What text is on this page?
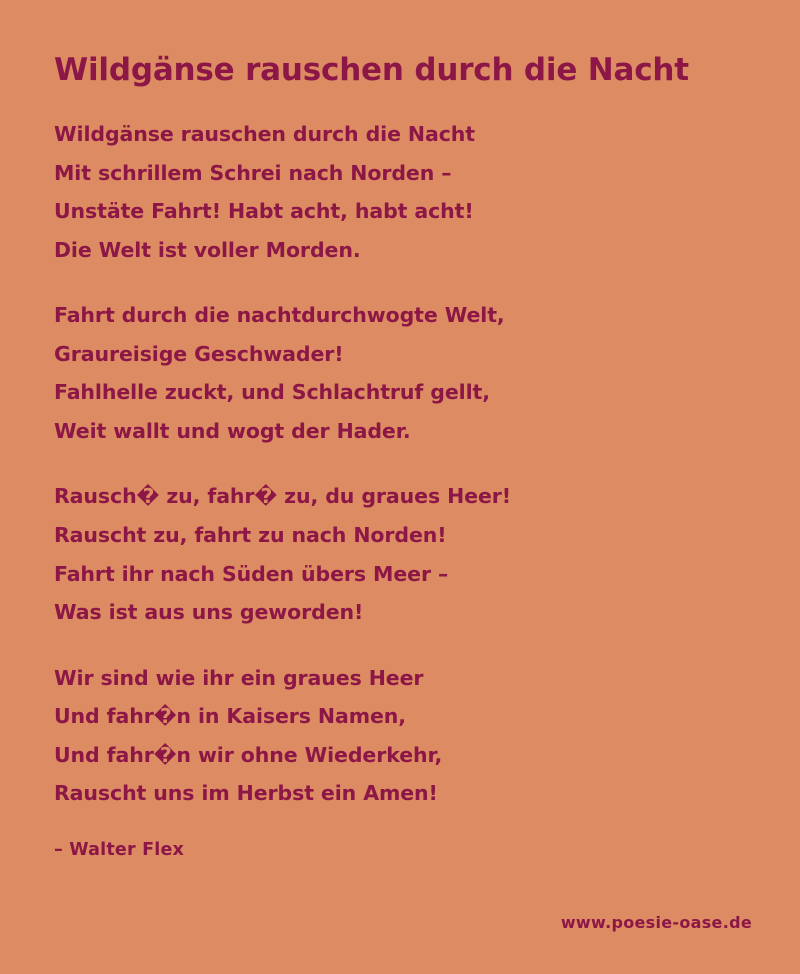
Wildgänse rauschen durch die Nacht
Wildgänse rauschen durch die Nacht
Mit schrillem Schrei nach Norden –
Unstäte Fahrt! Habt acht, habt acht!
Die Welt ist voller Morden.
Fahrt durch die nachtdurchwogte Welt,
Graureisige Geschwader!
Fahlhelle zuckt, und Schlachtruf gellt,
Weit wallt und wogt der Hader.
Rausch� zu, fahr� zu, du graues Heer!
Rauscht zu, fahrt zu nach Norden!
Fahrt ihr nach Süden übers Meer –
Was ist aus uns geworden!
Wir sind wie ihr ein graues Heer
Und fahr�n in Kaisers Namen,
Und fahr�n wir ohne Wiederkehr,
Rauscht uns im Herbst ein Amen!
– Walter Flex
www.poesie-oase.de
